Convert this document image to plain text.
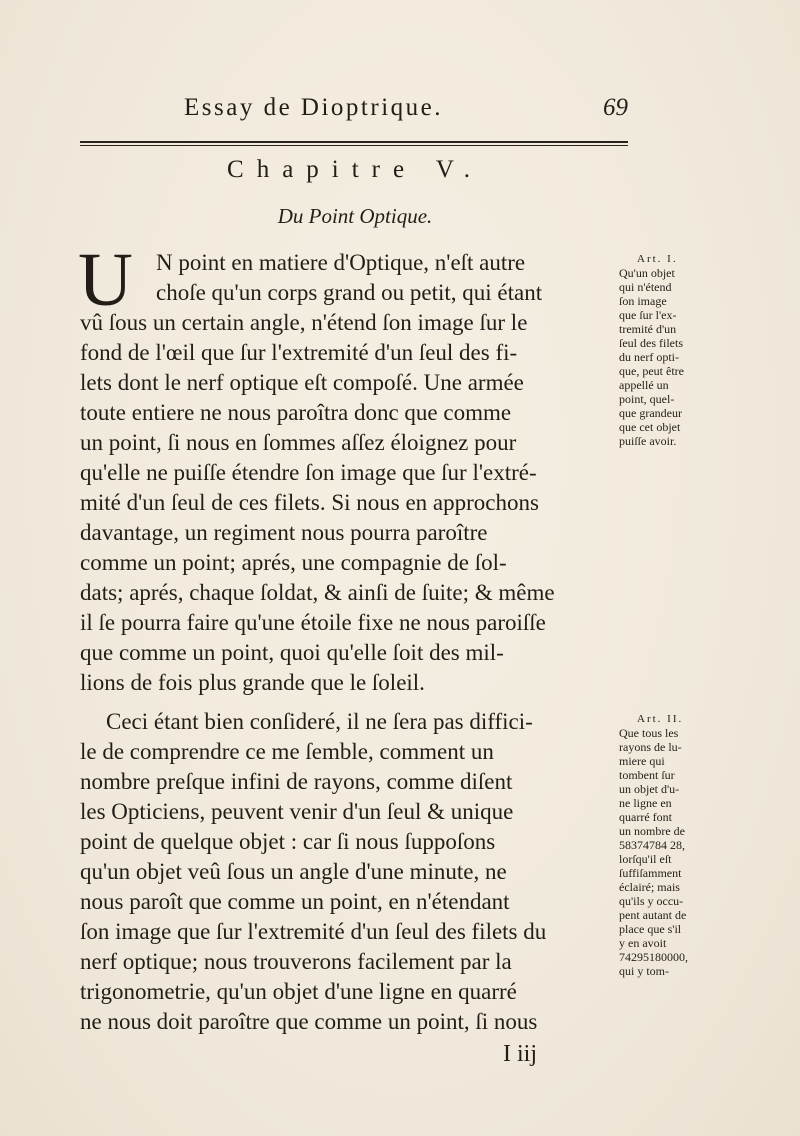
Essay de Dioptrique.	69
Chapitre V.
Du Point Optique.
U N point en matiere d'Optique, n'eſt autre

choſe qu'un corps grand ou petit, qui étant

vû ſous un certain angle, n'étend ſon image ſur le

fond de l'œil que ſur l'extremité d'un ſeul des fi-

lets dont le nerf optique eſt compoſé. Une armée

toute entiere ne nous paroîtra donc que comme

un point, ſi nous en ſommes aſſez éloignez pour

qu'elle ne puiſſe étendre ſon image que ſur l'extré-

mité d'un ſeul de ces filets. Si nous en approchons

davantage, un regiment nous pourra paroître

comme un point; aprés, une compagnie de ſol-

dats; aprés, chaque ſoldat, & ainſi de ſuite; & même

il ſe pourra faire qu'une étoile fixe ne nous paroiſſe

que comme un point, quoi qu'elle ſoit des mil-

lions de fois plus grande que le ſoleil.

Ceci étant bien conſideré, il ne ſera pas diffici-

le de comprendre ce me ſemble, comment un

nombre preſque infini de rayons, comme diſent

les Opticiens, peuvent venir d'un ſeul & unique

point de quelque objet : car ſi nous ſuppoſons

qu'un objet veû ſous un angle d'une minute, ne

nous paroît que comme un point, en n'étendant

ſon image que ſur l'extremité d'un ſeul des filets du

nerf optique; nous trouverons facilement par la

trigonometrie, qu'un objet d'une ligne en quarré

ne nous doit paroître que comme un point, ſi nous

Art. I.
Qu'un objet
qui n'étend
ſon image
que ſur l'ex-
tremité d'un
ſeul des filets
du nerf opti-
que, peut être
appellé un
point, quel-
que grandeur
que cet objet
puiſſe avoir.
Art. II.
Que tous les
rayons de lu-
miere qui
tombent ſur
un objet d'u-
ne ligne en
quarré font
un nombre de
58374784 28,
lorſqu'il eſt
ſuffiſamment
éclairé; mais
qu'ils y occu-
pent autant de
place que s'il
y en avoit
74295180000,
qui y tom-
I iij
